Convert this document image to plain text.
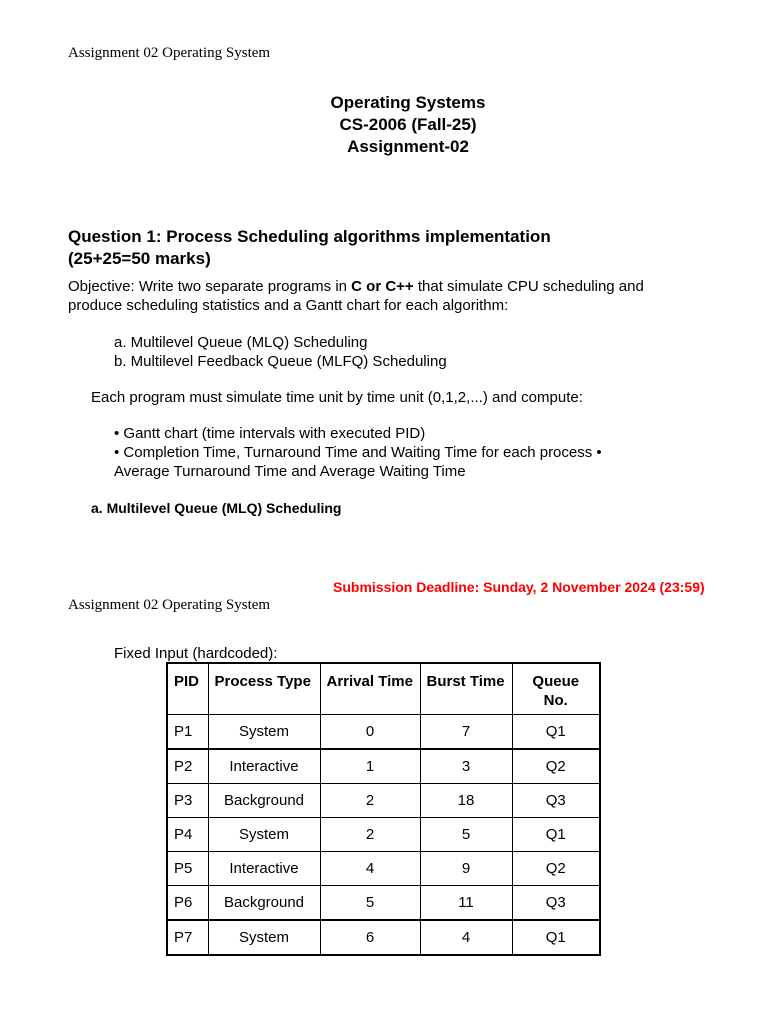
Assignment 02 Operating System
Operating Systems
CS-2006 (Fall-25)
Assignment-02
Question 1: Process Scheduling algorithms implementation
(25+25=50 marks)
Objective: Write two separate programs in C or C++ that simulate CPU scheduling and
produce scheduling statistics and a Gantt chart for each algorithm:
a. Multilevel Queue (MLQ) Scheduling
b. Multilevel Feedback Queue (MLFQ) Scheduling
Each program must simulate time unit by time unit (0,1,2,...) and compute:
• Gantt chart (time intervals with executed PID)
• Completion Time, Turnaround Time and Waiting Time for each process •
Average Turnaround Time and Average Waiting Time
a. Multilevel Queue (MLQ) Scheduling
Submission Deadline: Sunday, 2 November 2024 (23:59)
Assignment 02 Operating System
Fixed Input (hardcoded):
PID	Process Type	Arrival Time	Burst Time	Queue
No.
P1	System	0	7	Q1
P2	Interactive	1	3	Q2
P3	Background	2	18	Q3
P4	System	2	5	Q1
P5	Interactive	4	9	Q2
P6	Background	5	11	Q3
P7	System	6	4	Q1
